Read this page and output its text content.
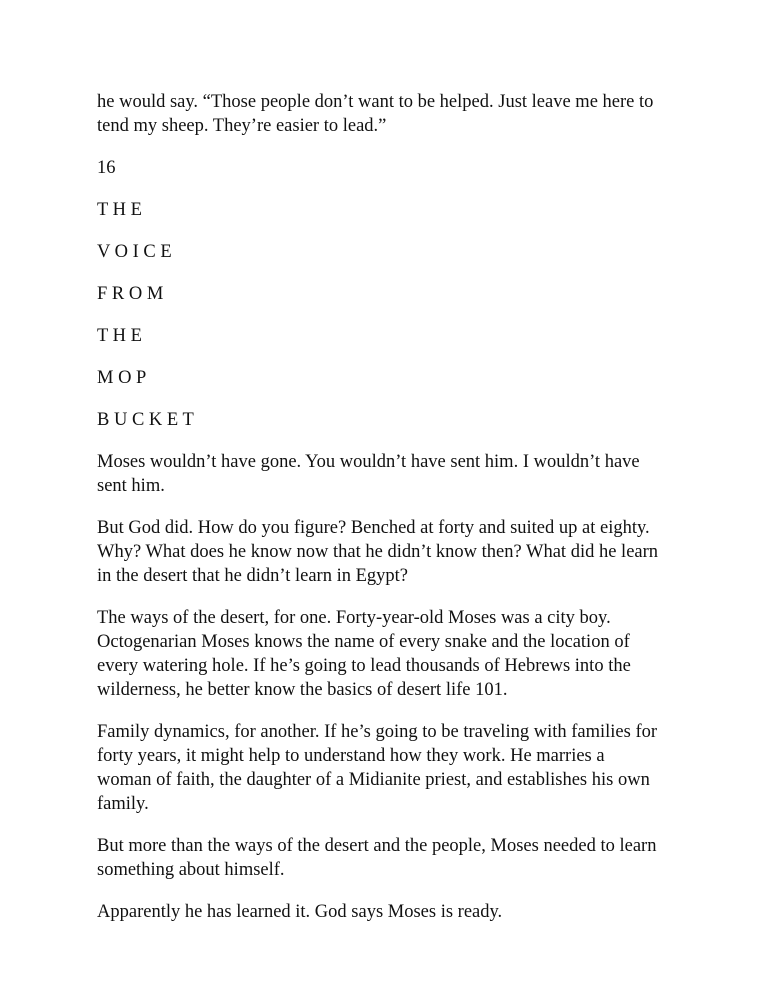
he would say. “Those people don’t want to be helped. Just leave me here to
tend my sheep. They’re easier to lead.”

16

T H E

V O I C E

F R O M

T H E

M O P

B U C K E T

Moses wouldn’t have gone. You wouldn’t have sent him. I wouldn’t have
sent him.

But God did. How do you figure? Benched at forty and suited up at eighty.
Why? What does he know now that he didn’t know then? What did he learn
in the desert that he didn’t learn in Egypt?

The ways of the desert, for one. Forty-year-old Moses was a city boy.
Octogenarian Moses knows the name of every snake and the location of
every watering hole. If he’s going to lead thousands of Hebrews into the
wilderness, he better know the basics of desert life 101.

Family dynamics, for another. If he’s going to be traveling with families for
forty years, it might help to understand how they work. He marries a
woman of faith, the daughter of a Midianite priest, and establishes his own
family.

But more than the ways of the desert and the people, Moses needed to learn
something about himself.

Apparently he has learned it. God says Moses is ready.
